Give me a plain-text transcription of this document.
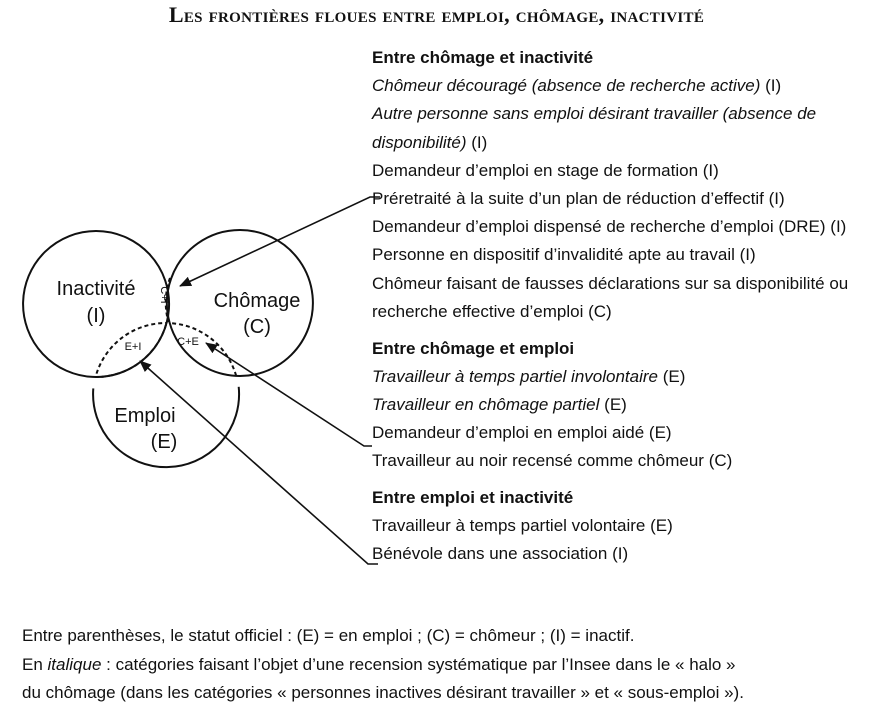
Les frontières floues entre emploi, chômage, inactivité
Inactivité
(I)
Chômage
(C)
Emploi
(E)
C+I
E+I	C+E
Entre chômage et inactivité
Chômeur découragé (absence de recherche active) (I)
Autre personne sans emploi désirant travailler (absence de disponibilité) (I)
Demandeur d’emploi en stage de formation (I)
Préretraité à la suite d’un plan de réduction d’effectif (I)
Demandeur d’emploi dispensé de recherche d’emploi (DRE) (I)
Personne en dispositif d’invalidité apte au travail (I)
Chômeur faisant de fausses déclarations sur sa disponibilité ou recherche effective d’emploi (C)
Entre chômage et emploi
Travailleur à temps partiel involontaire (E)
Travailleur en chômage partiel (E)
Demandeur d’emploi en emploi aidé (E)
Travailleur au noir recensé comme chômeur (C)
Entre emploi et inactivité
Travailleur à temps partiel volontaire (E)
Bénévole dans une association (I)
Entre parenthèses, le statut officiel : (E) = en emploi ; (C) = chômeur ; (I) = inactif.
En italique : catégories faisant l’objet d’une recension systématique par l’Insee dans le « halo »
du chômage (dans les catégories « personnes inactives désirant travailler » et « sous-emploi »).
